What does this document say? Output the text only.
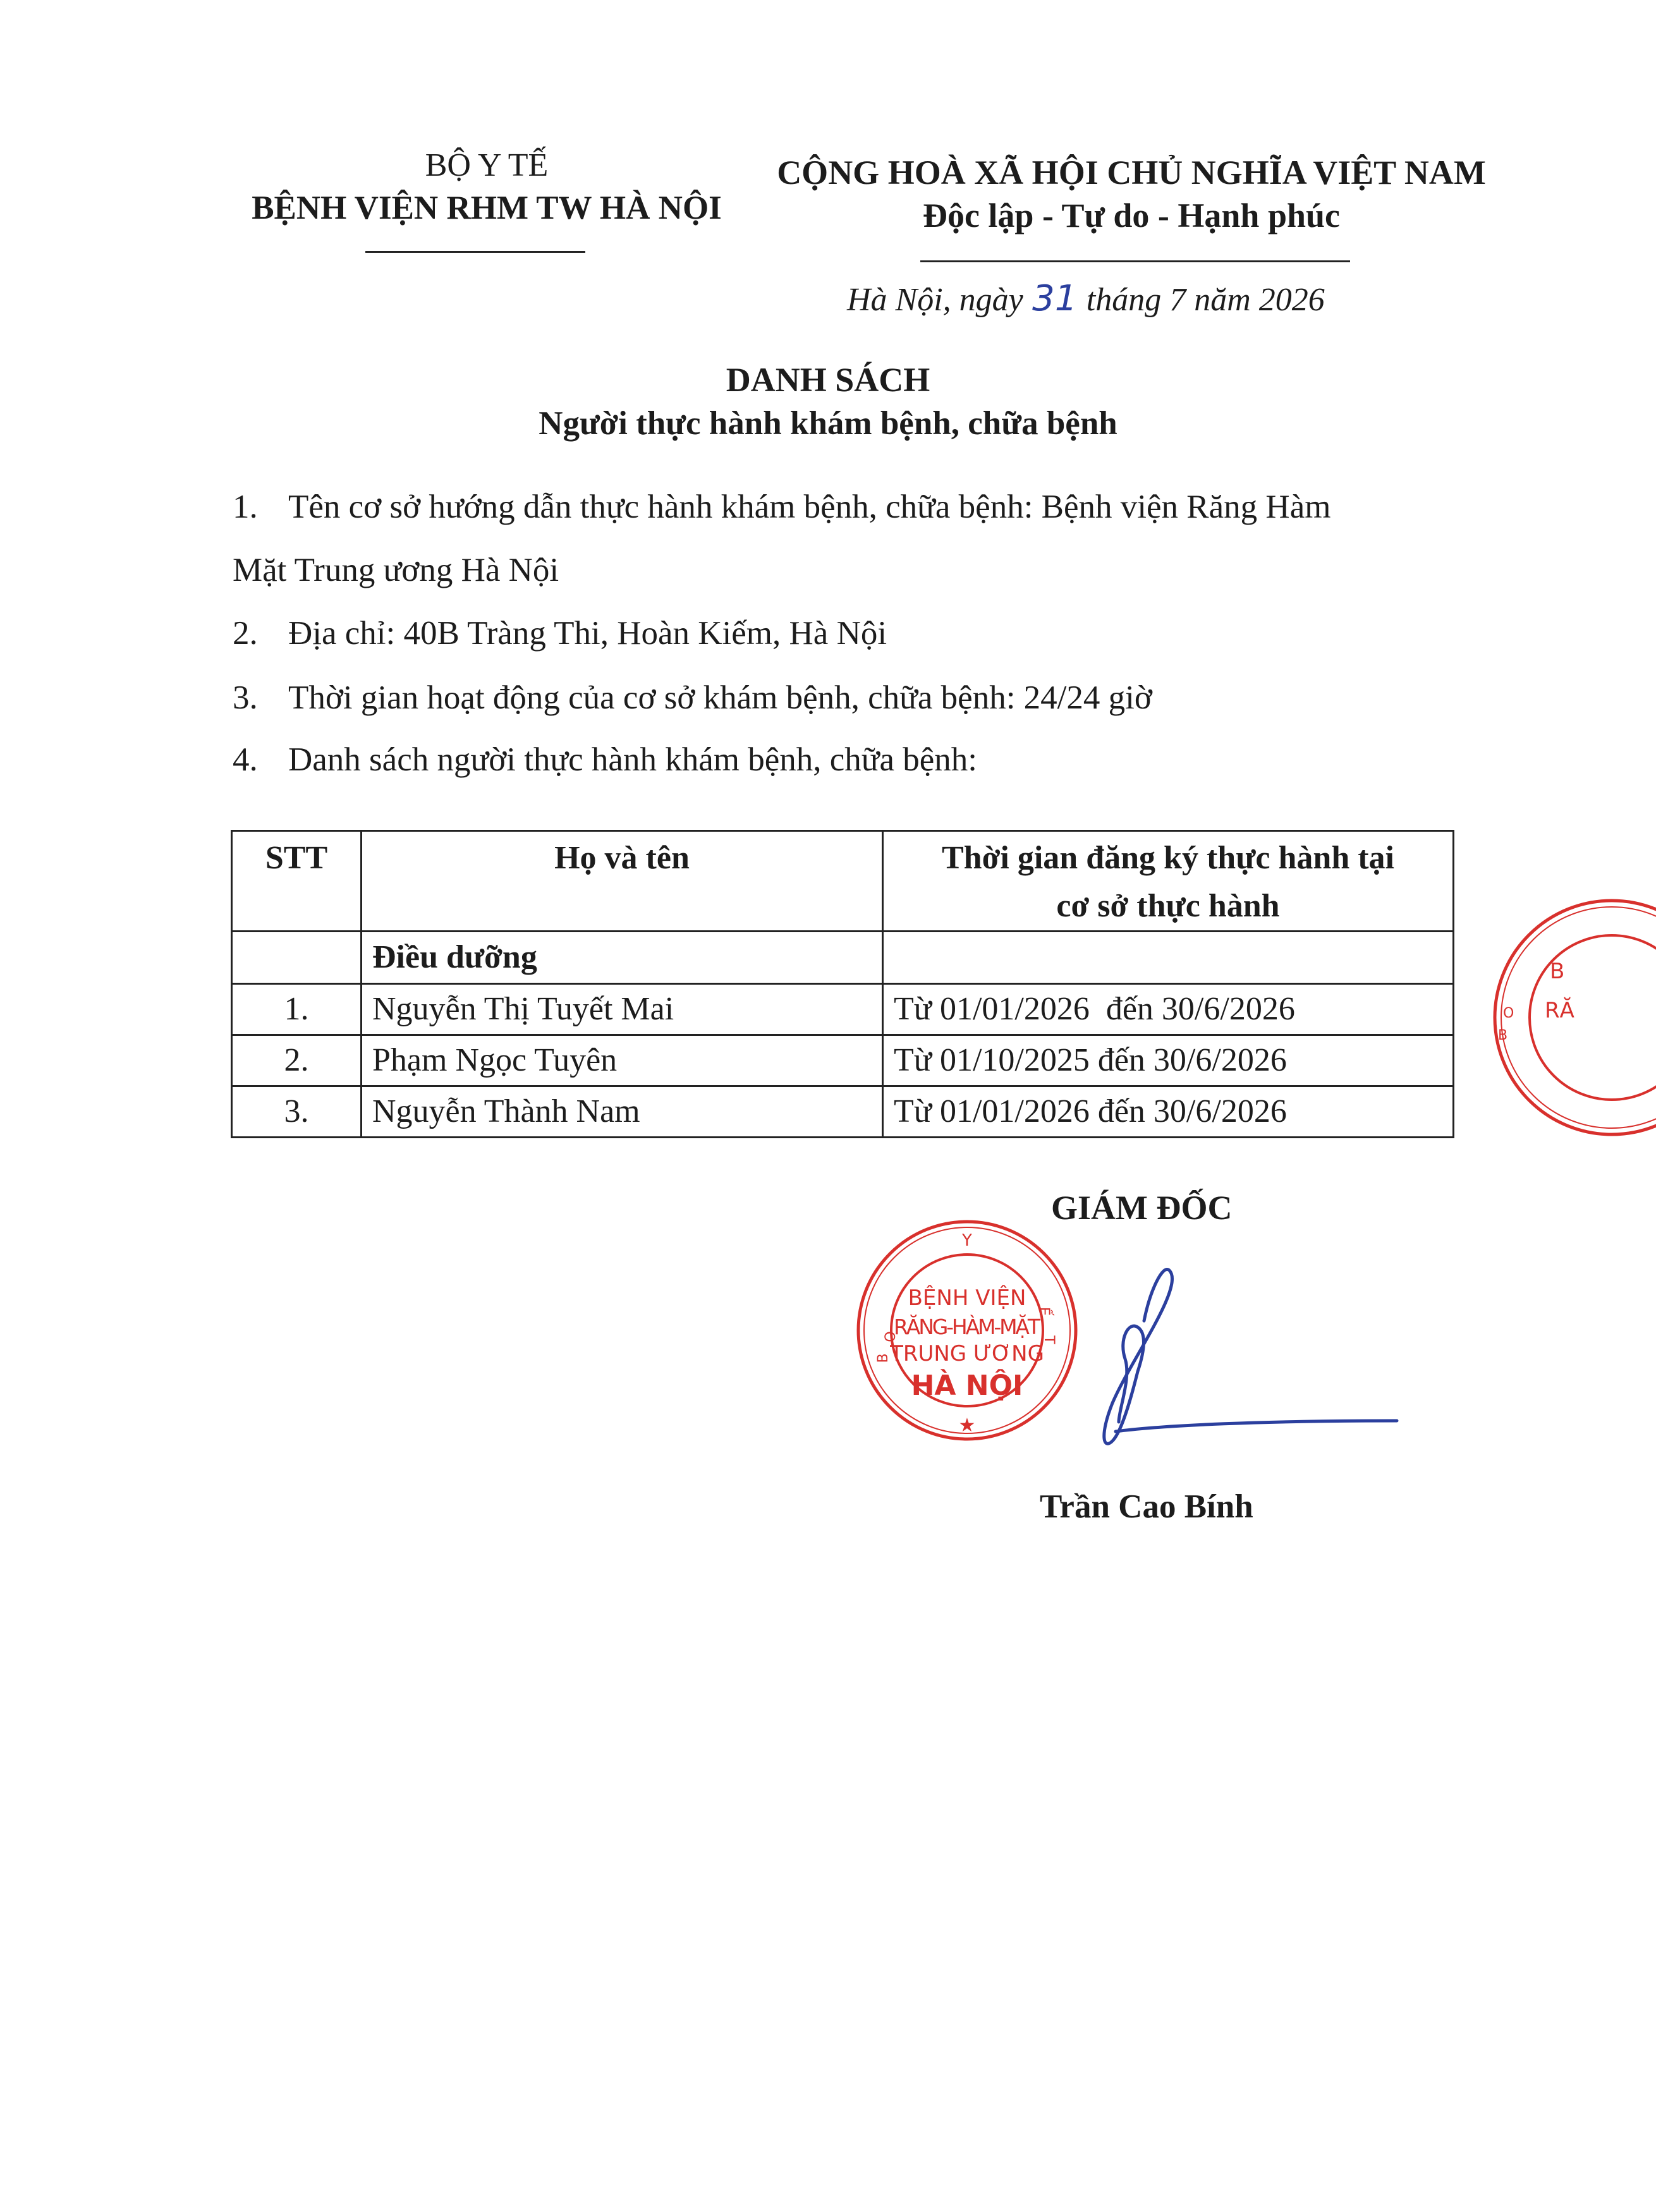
BỘ Y TẾ
BỆNH VIỆN RHM TW HÀ NỘI
CỘNG HOÀ XÃ HỘI CHỦ NGHĨA VIỆT NAM
Độc lập - Tự do - Hạnh phúc
Hà Nội, ngày 31 tháng 7 năm 2026
DANH SÁCH
Người thực hành khám bệnh, chữa bệnh
1. Tên cơ sở hướng dẫn thực hành khám bệnh, chữa bệnh: Bệnh viện Răng Hàm
Mặt Trung ương Hà Nội
2. Địa chỉ: 40B Tràng Thi, Hoàn Kiếm, Hà Nội
3. Thời gian hoạt động của cơ sở khám bệnh, chữa bệnh: 24/24 giờ
4. Danh sách người thực hành khám bệnh, chữa bệnh:
STT	Họ và tên	Thời gian đăng ký thực hành tại
cơ sở thực hành

	Điều dưỡng	
1.	Nguyễn Thị Tuyết Mai	Từ 01/01/2026  đến 30/6/2026
2.	Phạm Ngọc Tuyên	Từ 01/10/2025 đến 30/6/2026
3.	Nguyễn Thành Nam	Từ 01/01/2026 đến 30/6/2026
GIÁM ĐỐC
Y
O
B
Ế
T
★
BỆNH VIỆN
RĂNG-HÀM-MẶT
TRUNG ƯƠNG
HÀ NỘI
Trần Cao Bính
B
RĂ
O
B
